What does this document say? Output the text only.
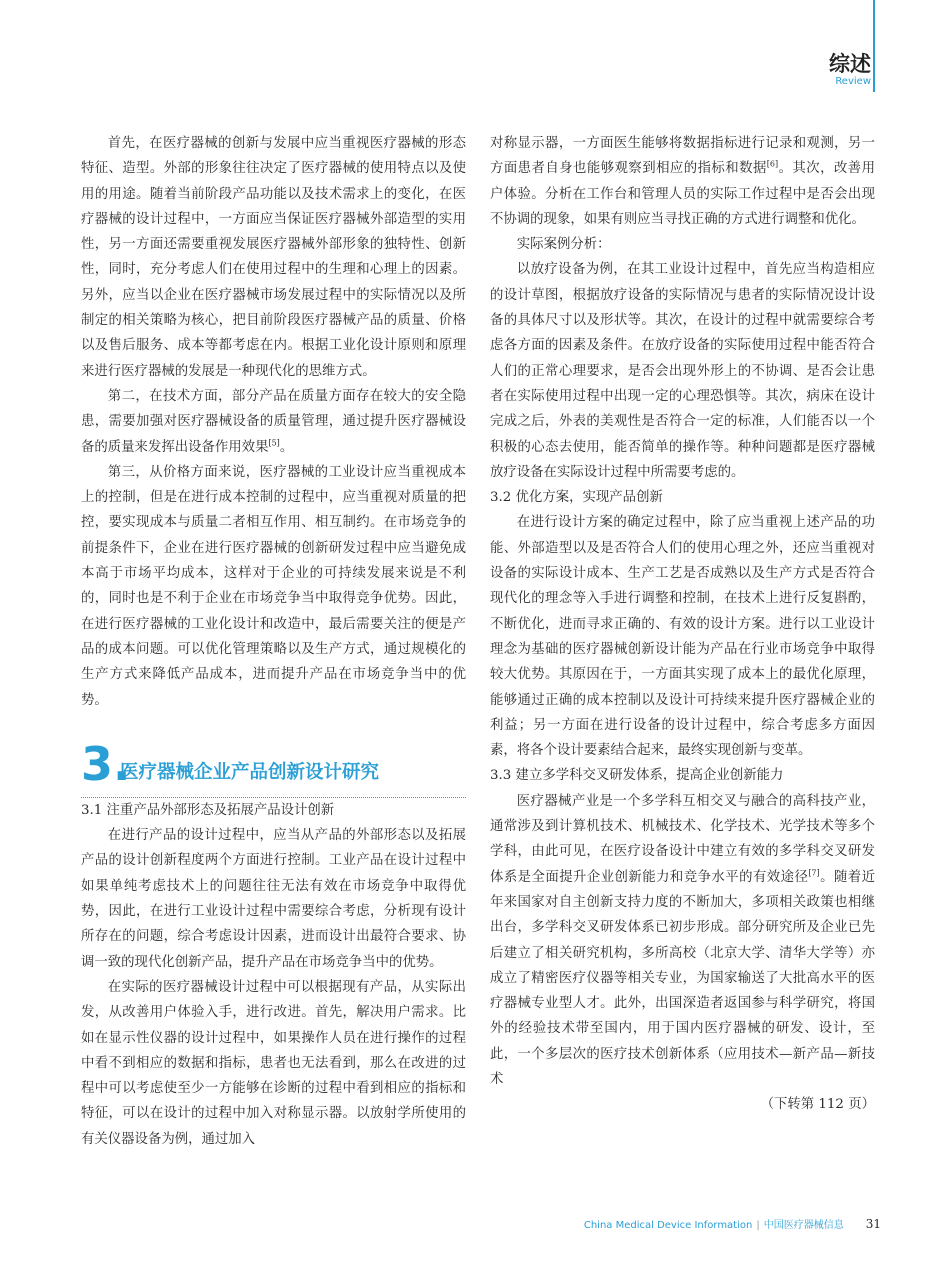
综述
Review

首先，在医疗器械的创新与发展中应当重视医疗器械的形态特征、造型。外部的形象往往决定了医疗器械的使用特点以及使用的用途。随着当前阶段产品功能以及技术需求上的变化，在医疗器械的设计过程中，一方面应当保证医疗器械外部造型的实用性，另一方面还需要重视发展医疗器械外部形象的独特性、创新性，同时，充分考虑人们在使用过程中的生理和心理上的因素。另外，应当以企业在医疗器械市场发展过程中的实际情况以及所制定的相关策略为核心，把目前阶段医疗器械产品的质量、价格以及售后服务、成本等都考虑在内。根据工业化设计原则和原理来进行医疗器械的发展是一种现代化的思维方式。

第二，在技术方面，部分产品在质量方面存在较大的安全隐患，需要加强对医疗器械设备的质量管理，通过提升医疗器械设备的质量来发挥出设备作用效果[5]。

第三，从价格方面来说，医疗器械的工业设计应当重视成本上的控制，但是在进行成本控制的过程中，应当重视对质量的把控，要实现成本与质量二者相互作用、相互制约。在市场竞争的前提条件下，企业在进行医疗器械的创新研发过程中应当避免成本高于市场平均成本，这样对于企业的可持续发展来说是不利的，同时也是不利于企业在市场竞争当中取得竞争优势。因此，在进行医疗器械的工业化设计和改造中，最后需要关注的便是产品的成本问题。可以优化管理策略以及生产方式，通过规模化的生产方式来降低产品成本，进而提升产品在市场竞争当中的优势。

3.
医疗器械企业产品创新设计研究

3.1 注重产品外部形态及拓展产品设计创新

在进行产品的设计过程中，应当从产品的外部形态以及拓展产品的设计创新程度两个方面进行控制。工业产品在设计过程中如果单纯考虑技术上的问题往往无法有效在市场竞争中取得优势，因此，在进行工业设计过程中需要综合考虑，分析现有设计所存在的问题，综合考虑设计因素，进而设计出最符合要求、协调一致的现代化创新产品，提升产品在市场竞争当中的优势。

在实际的医疗器械设计过程中可以根据现有产品，从实际出发，从改善用户体验入手，进行改进。首先，解决用户需求。比如在显示性仪器的设计过程中，如果操作人员在进行操作的过程中看不到相应的数据和指标，患者也无法看到，那么在改进的过程中可以考虑使至少一方能够在诊断的过程中看到相应的指标和特征，可以在设计的过程中加入对称显示器。以放射学所使用的有关仪器设备为例，通过加入

对称显示器，一方面医生能够将数据指标进行记录和观测，另一方面患者自身也能够观察到相应的指标和数据[6]。其次，改善用户体验。分析在工作台和管理人员的实际工作过程中是否会出现不协调的现象，如果有则应当寻找正确的方式进行调整和优化。

实际案例分析：

以放疗设备为例，在其工业设计过程中，首先应当构造相应的设计草图，根据放疗设备的实际情况与患者的实际情况设计设备的具体尺寸以及形状等。其次，在设计的过程中就需要综合考虑各方面的因素及条件。在放疗设备的实际使用过程中能否符合人们的正常心理要求，是否会出现外形上的不协调、是否会让患者在实际使用过程中出现一定的心理恐惧等。其次，病床在设计完成之后，外表的美观性是否符合一定的标准，人们能否以一个积极的心态去使用，能否简单的操作等。种种问题都是医疗器械放疗设备在实际设计过程中所需要考虑的。

3.2 优化方案，实现产品创新

在进行设计方案的确定过程中，除了应当重视上述产品的功能、外部造型以及是否符合人们的使用心理之外，还应当重视对设备的实际设计成本、生产工艺是否成熟以及生产方式是否符合现代化的理念等入手进行调整和控制，在技术上进行反复斟酌，不断优化，进而寻求正确的、有效的设计方案。进行以工业设计理念为基础的医疗器械创新设计能为产品在行业市场竞争中取得较大优势。其原因在于，一方面其实现了成本上的最优化原理，能够通过正确的成本控制以及设计可持续来提升医疗器械企业的利益；另一方面在进行设备的设计过程中，综合考虑多方面因素，将各个设计要素结合起来，最终实现创新与变革。

3.3 建立多学科交叉研发体系，提高企业创新能力

医疗器械产业是一个多学科互相交叉与融合的高科技产业，通常涉及到计算机技术、机械技术、化学技术、光学技术等多个学科，由此可见，在医疗设备设计中建立有效的多学科交叉研发体系是全面提升企业创新能力和竞争水平的有效途径[7]。随着近年来国家对自主创新支持力度的不断加大，多项相关政策也相继出台，多学科交叉研发体系已初步形成。部分研究所及企业已先后建立了相关研究机构，多所高校（北京大学、清华大学等）亦成立了精密医疗仪器等相关专业，为国家输送了大批高水平的医疗器械专业型人才。此外，出国深造者返国参与科学研究，将国外的经验技术带至国内，用于国内医疗器械的研发、设计，至此，一个多层次的医疗技术创新体系（应用技术—新产品—新技术

（下转第 112 页）

China Medical Device Information | 中国医疗器械信息 31
